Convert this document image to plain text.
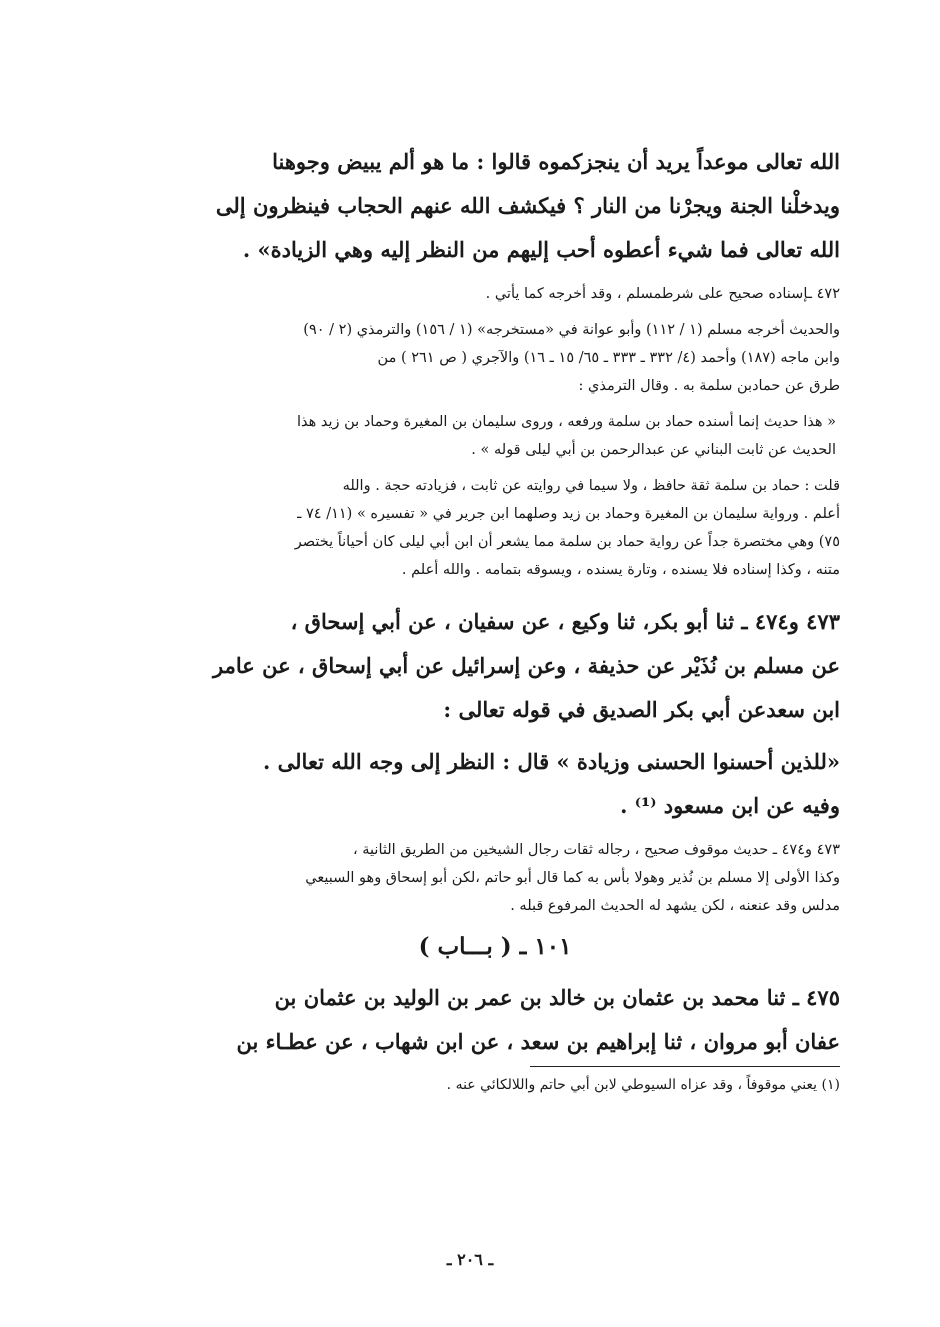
الله تعالى موعداً يريد أن ينجزكموه قالوا : ما هو ألم يبيض وجوهنا
ويدخلْنا الجنة ويجرْنا من النار ؟ فيكشف الله عنهم الحجاب فينظرون إلى
الله تعالى فما شيء أعطوه أحب إليهم من النظر إليه وهي الزيادة» .
٤٧٢ ـإسناده صحيح على شرطمسلم ، وقد أخرجه كما يأتي .
والحديث أخرجه مسلم (١ / ١١٢) وأبو عوانة في «مستخرجه» (١ / ١٥٦) والترمذي (٢ / ٩٠)
وابن ماجه (١٨٧) وأحمد (٤/ ٣٣٢ ـ ٣٣٣ ـ ٦٥/ ١٥ ـ ١٦) والآجري ( ص ٢٦١ ) من
طرق عن حمادبن سلمة به . وقال الترمذي :
« هذا حديث إنما أسنده حماد بن سلمة ورفعه ، وروى سليمان بن المغيرة وحماد بن زيد هذا
الحديث عن ثابت البناني عن عبدالرحمن بن أبي ليلى قوله » .
قلت : حماد بن سلمة ثقة حافظ ، ولا سيما في روايته عن ثابت ، فزيادته حجة . والله
أعلم . ورواية سليمان بن المغيرة وحماد بن زيد وصلهما ابن جرير في « تفسيره » (١١/ ٧٤ ـ
٧٥) وهي مختصرة جداً عن رواية حماد بن سلمة مما يشعر أن ابن أبي ليلى كان أحياناً يختصر
متنه ، وكذا إسناده فلا يسنده ، وتارة يسنده ، ويسوقه بتمامه . والله أعلم .
٤٧٣ و٤٧٤ ـ ثنا أبو بكر، ثنا وكيع ، عن سفيان ، عن أبي إسحاق ،
عن مسلم بن نُذَيْر عن حذيفة ، وعن إسرائيل عن أبي إسحاق ، عن عامر
ابن سعدعن أبي بكر الصديق في قوله تعالى :
«للذين أحسنوا الحسنى وزيادة » قال : النظر إلى وجه الله تعالى .
وفيه عن ابن مسعود ⁽¹⁾ .
٤٧٣ و٤٧٤ ـ حديث موقوف صحيح ، رجاله ثقات رجال الشيخين من الطريق الثانية ،
وكذا الأولى إلا مسلم بن نُذير وهولا بأس به كما قال أبو حاتم ،لكن أبو إسحاق وهو السبيعي
مدلس وقد عنعنه ، لكن يشهد له الحديث المرفوع قبله .
١٠١ ـ ( بـــاب )
٤٧٥ ـ ثنا محمد بن عثمان بن خالد بن عمر بن الوليد بن عثمان بن
عفان أبو مروان ، ثنا إبراهيم بن سعد ، عن ابن شهاب ، عن عطـاء بن
(١) يعني موقوفاً ، وقد عزاه السيوطي لابن أبي حاتم واللالكائي عنه .
ـ ٢٠٦ ـ
